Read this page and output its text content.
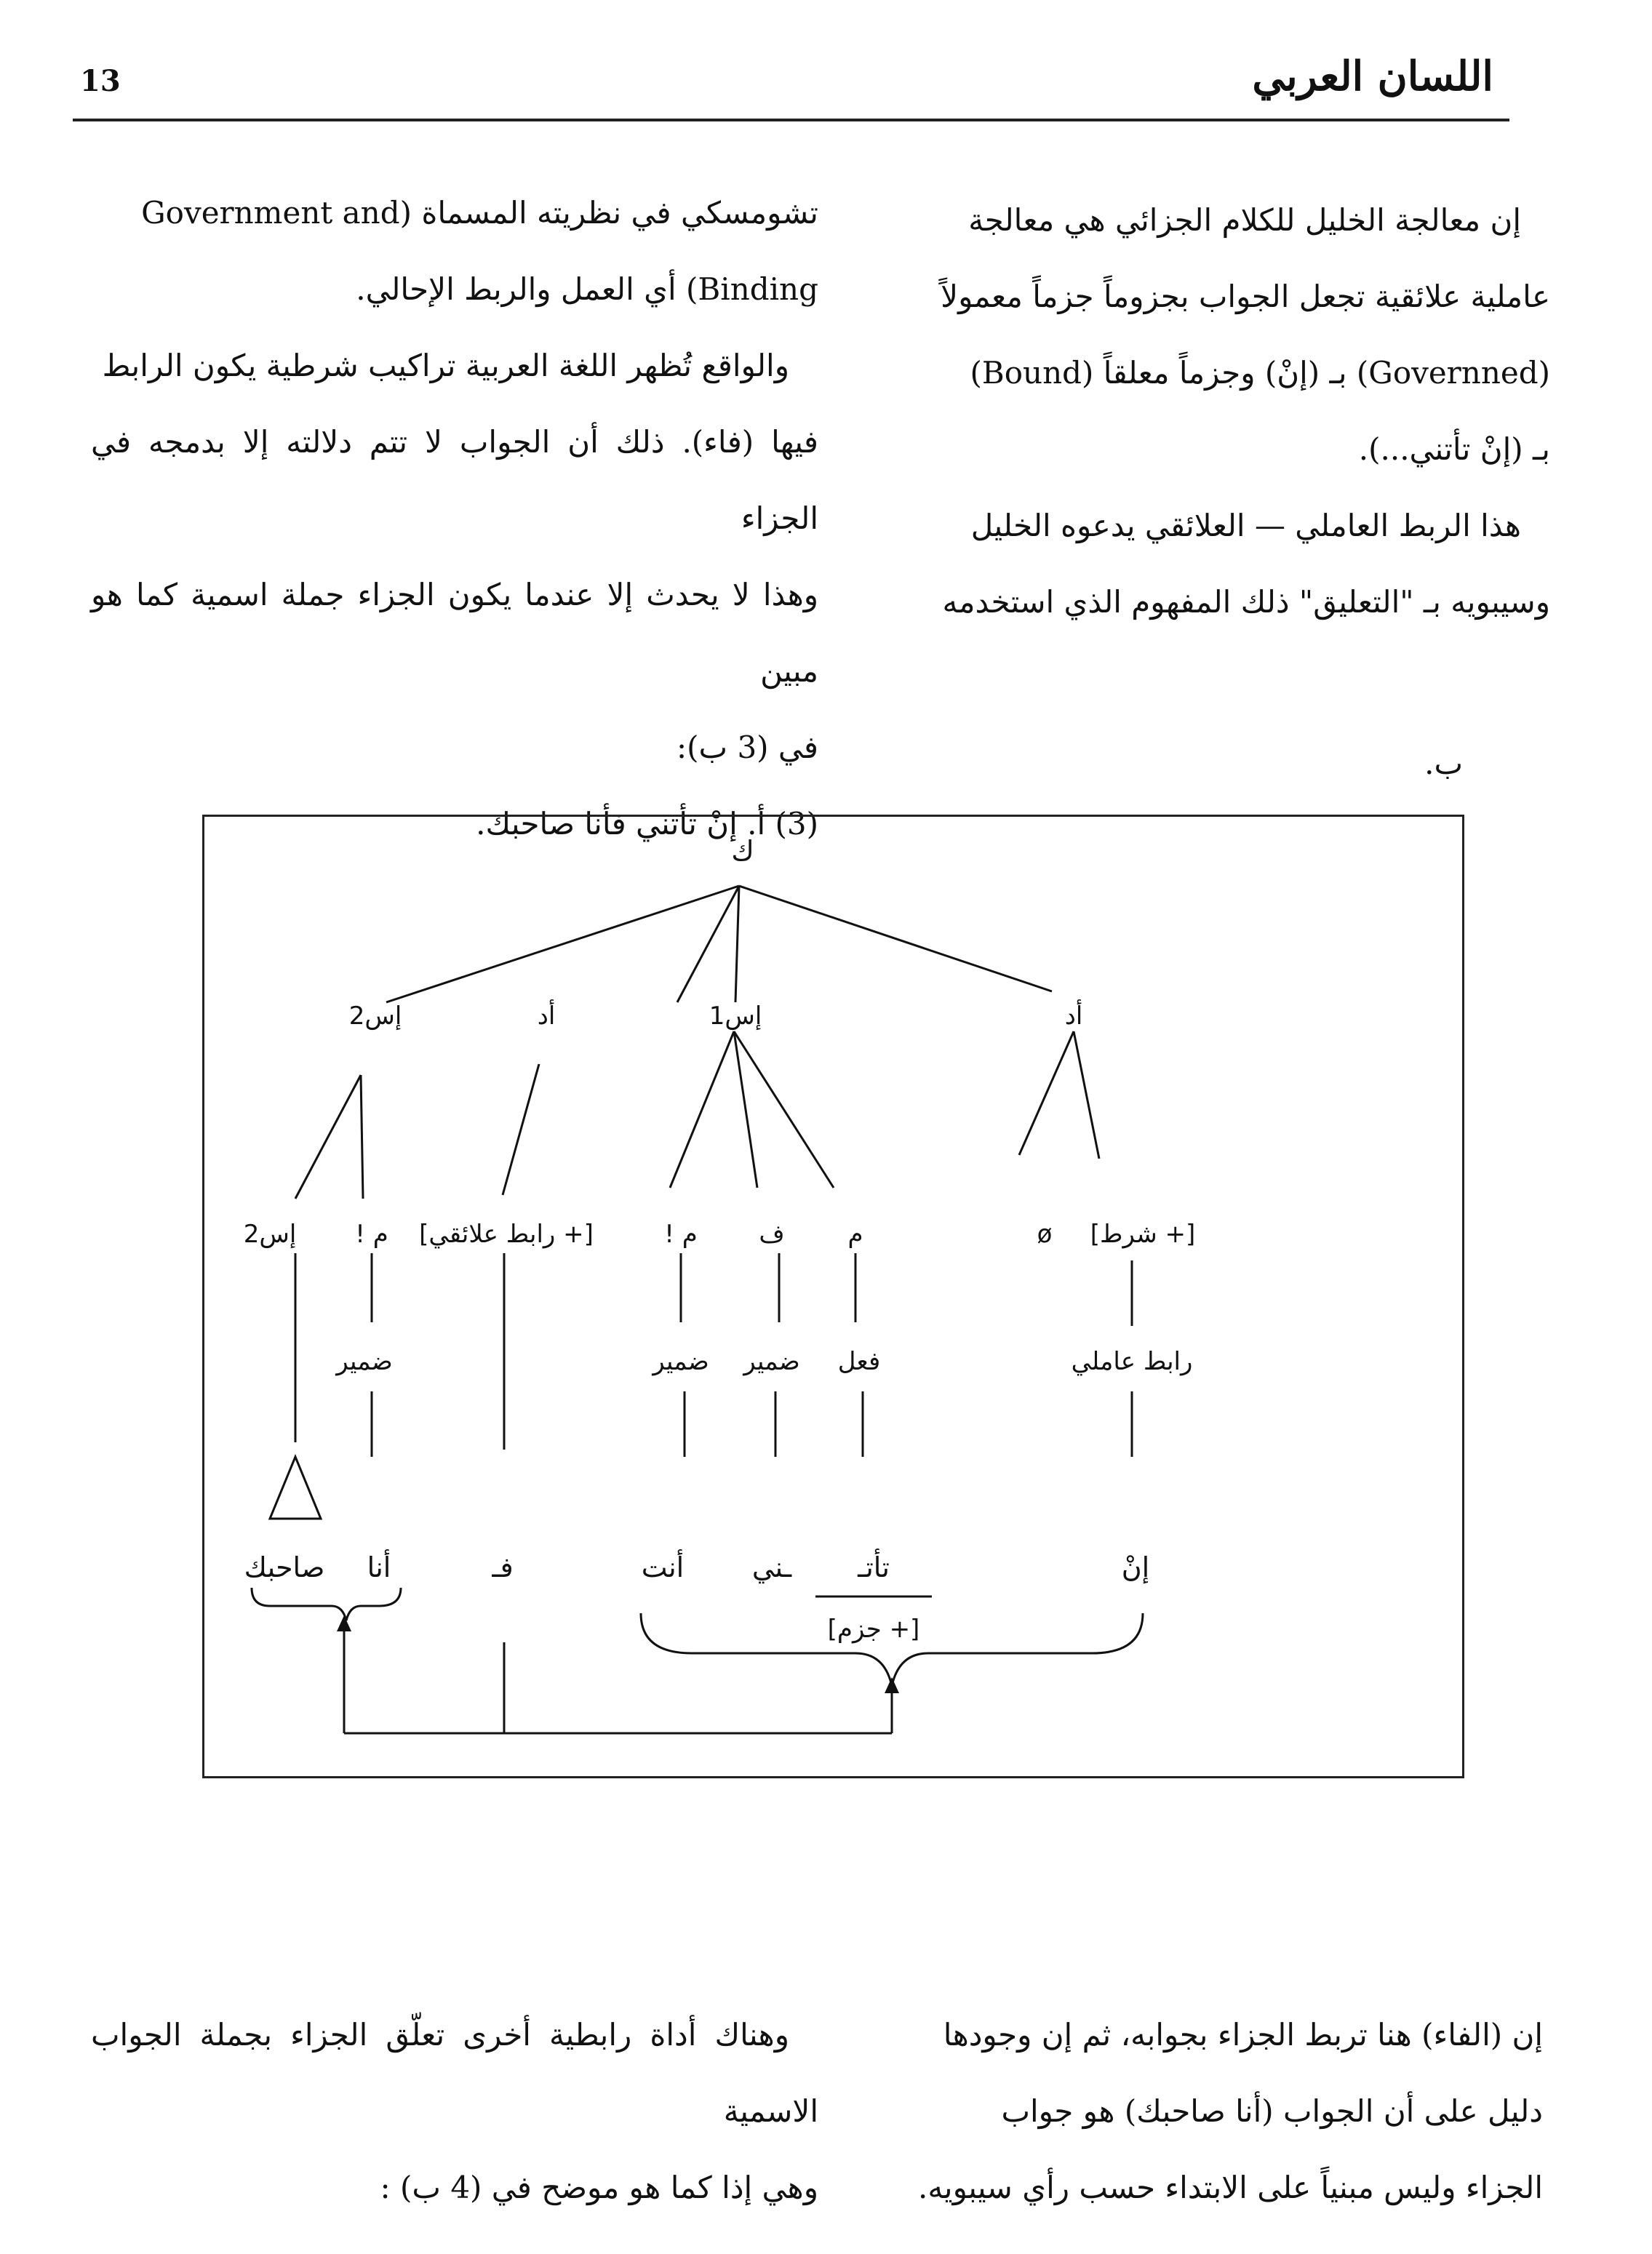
13	اللسان العربي

إن معالجة الخليل للكلام الجزائي هي معالجة
عاملية علائقية تجعل الجواب بجزوماً جزماً معمولاً
(Governned) بـ (إنْ) وجزماً معلقاً (Bound)
بـ (إنْ تأتني...).

هذا الربط العاملي — العلائقي يدعوه الخليل
وسيبويه بـ "التعليق" ذلك المفهوم الذي استخدمه

تشومسكي في نظريته المسماة (Government and
Binding) أي العمل والربط الإحالي.
والواقع تُظهر اللغة العربية تراكيب شرطية يكون الرابط
فيها (فاء). ذلك أن الجواب لا تتم دلالته إلا بدمجه في الجزاء
وهذا لا يحدث إلا عندما يكون الجزاء جملة اسمية كما هو مبين
في (3 ب):
(3) أ. إنْ تأتني فأنا صاحبك.
ب.
ك
أد
إس1
أد
إس2
[+ شرط]
ø
م
ف
م !
[+ رابط علائقي]
م !
إس2
رابط عاملي
فعل
ضمير
ضمير
ضمير
إنْ
تأتـ
ـني
أنت
فـ
أنا
صاحبك
[+ جزم]
إن (الفاء) هنا تربط الجزاء بجوابه، ثم إن وجودها
دليل على أن الجواب (أنا صاحبك) هو جواب
الجزاء وليس مبنياً على الابتداء حسب رأي سيبويه.
وهناك أداة رابطية أخرى تعلّق الجزاء بجملة الجواب الاسمية
وهي إذا كما هو موضح في (4 ب) :
